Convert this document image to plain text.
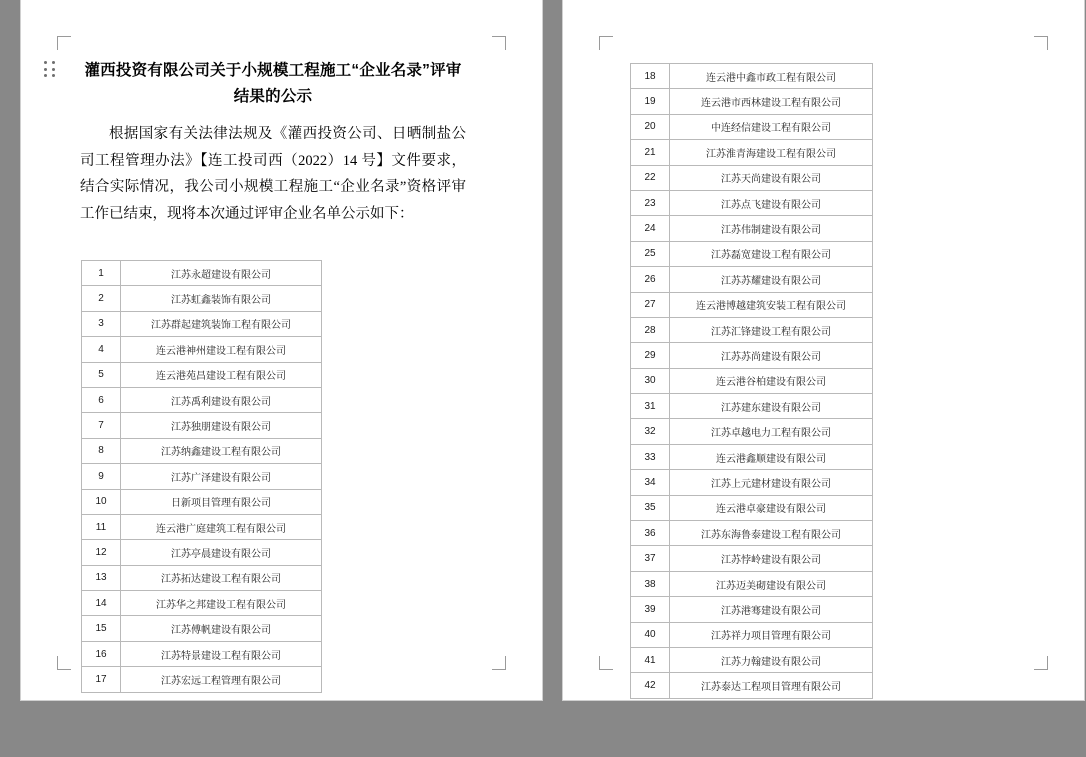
灌西投资有限公司关于小规模工程施工“企业名录”评审结果的公示
根据国家有关法律法规及《灌西投资公司、日晒制盐公司工程管理办法》【连工投司西（2022）14 号】文件要求，结合实际情况，我公司小规模工程施工“企业名录”资格评审工作已结束，现将本次通过评审企业名单公示如下：
1	江苏永超建设有限公司
2	江苏虹鑫装饰有限公司
3	江苏群起建筑装饰工程有限公司
4	连云港神州建设工程有限公司
5	连云港苑昌建设工程有限公司
6	江苏禹利建设有限公司
7	江苏独朋建设有限公司
8	江苏纳鑫建设工程有限公司
9	江苏广泽建设有限公司
10	日新项目管理有限公司
11	连云港广庭建筑工程有限公司
12	江苏亭晨建设有限公司
13	江苏拓达建设工程有限公司
14	江苏华之邦建设工程有限公司
15	江苏傅帆建设有限公司
16	江苏特景建设工程有限公司
17	江苏宏远工程管理有限公司
18	连云港中鑫市政工程有限公司
19	连云港市西林建设工程有限公司
20	中连经信建设工程有限公司
21	江苏淮青海建设工程有限公司
22	江苏天尚建设有限公司
23	江苏点飞建设有限公司
24	江苏伟制建设有限公司
25	江苏磊宽建设工程有限公司
26	江苏苏耀建设有限公司
27	连云港博越建筑安装工程有限公司
28	江苏汇锋建设工程有限公司
29	江苏苏尚建设有限公司
30	连云港谷柏建设有限公司
31	江苏建东建设有限公司
32	江苏卓越电力工程有限公司
33	连云港鑫顺建设有限公司
34	江苏上元建材建设有限公司
35	连云港卓豪建设有限公司
36	江苏东海鲁泰建设工程有限公司
37	江苏悖岭建设有限公司
38	江苏迈美砌建设有限公司
39	江苏港骞建设有限公司
40	江苏祥力项目管理有限公司
41	江苏力翰建设有限公司
42	江苏泰达工程项目管理有限公司
